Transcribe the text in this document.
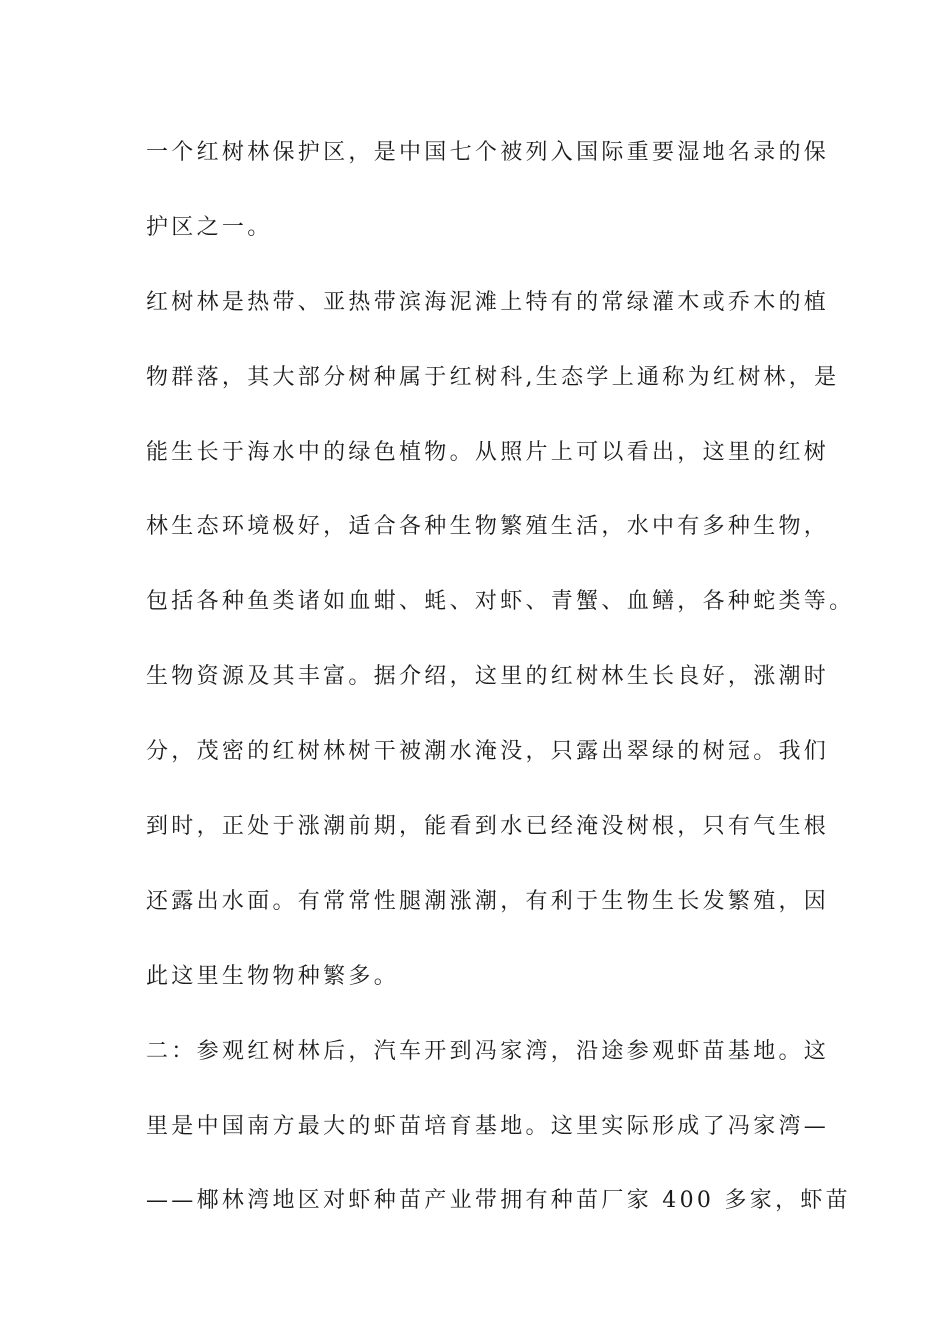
一个红树林保护区，是中国七个被列入国际重要湿地名录的保
护区之一。
红树林是热带、亚热带滨海泥滩上特有的常绿灌木或乔木的植
物群落，其大部分树种属于红树科,生态学上通称为红树林，是
能生长于海水中的绿色植物。从照片上可以看出，这里的红树
林生态环境极好，适合各种生物繁殖生活，水中有多种生物，
包括各种鱼类诸如血蚶、蚝、对虾、青蟹、血鳝，各种蛇类等。
生物资源及其丰富。据介绍，这里的红树林生长良好，涨潮时
分，茂密的红树林树干被潮水淹没，只露出翠绿的树冠。我们
到时，正处于涨潮前期，能看到水已经淹没树根，只有气生根
还露出水面。有常常性腿潮涨潮，有利于生物生长发繁殖，因
此这里生物物种繁多。
二：参观红树林后，汽车开到冯家湾，沿途参观虾苗基地。这
里是中国南方最大的虾苗培育基地。这里实际形成了冯家湾—
——椰林湾地区对虾种苗产业带拥有种苗厂家 400 多家，虾苗
